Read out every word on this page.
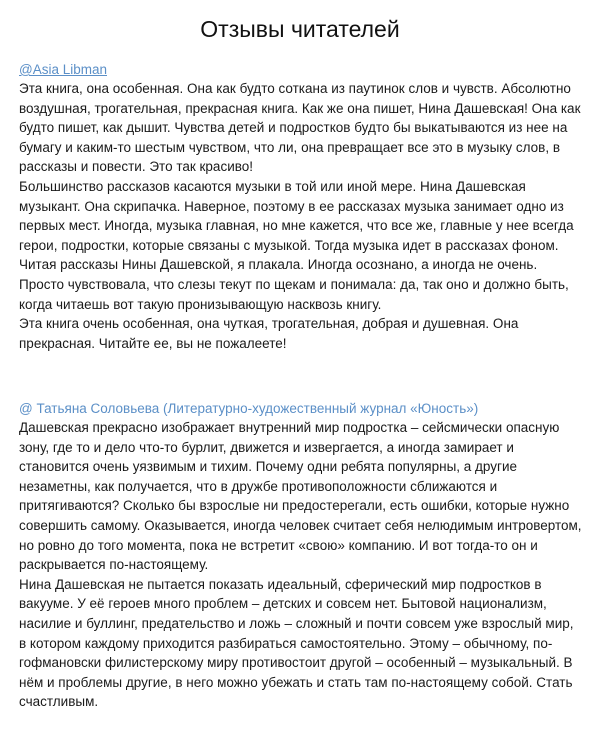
Отзывы читателей
@Asia Libman
Эта книга, она особенная. Она как будто соткана из паутинок слов и чувств. Абсолютно воздушная, трогательная, прекрасная книга. Как же она пишет, Нина Дашевская! Она как будто пишет, как дышит. Чувства детей и подростков будто бы выкатываются из нее на бумагу и каким-то шестым чувством, что ли, она превращает все это в музыку слов, в рассказы и повести. Это так красиво!
Большинство рассказов касаются музыки в той или иной мере. Нина Дашевская музыкант. Она скрипачка. Наверное, поэтому в ее рассказах музыка занимает одно из первых мест. Иногда, музыка главная, но мне кажется, что все же, главные у нее всегда герои, подростки, которые связаны с музыкой. Тогда музыка идет в рассказах фоном.
Читая рассказы Нины Дашевской, я плакала. Иногда осознано, а иногда не очень. Просто чувствовала, что слезы текут по щекам и понимала: да, так оно и должно быть, когда читаешь вот такую пронизывающую насквозь книгу.
Эта книга очень особенная, она чуткая, трогательная, добрая и душевная. Она прекрасная. Читайте ее, вы не пожалеете!
@ Татьяна Соловьева (Литературно-художественный журнал «Юность»)
Дашевская прекрасно изображает внутренний мир подростка – сейсмически опасную зону, где то и дело что-то бурлит, движется и извергается, а иногда замирает и становится очень уязвимым и тихим. Почему одни ребята популярны, а другие незаметны, как получается, что в дружбе противоположности сближаются и притягиваются? Сколько бы взрослые ни предостерегали, есть ошибки, которые нужно совершить самому. Оказывается, иногда человек считает себя нелюдимым интровертом, но ровно до того момента, пока не встретит «свою» компанию. И вот тогда-то он и раскрывается по-настоящему.
Нина Дашевская не пытается показать идеальный, сферический мир подростков в вакууме. У её героев много проблем – детских и совсем нет. Бытовой национализм, насилие и буллинг, предательство и ложь – сложный и почти совсем уже взрослый мир, в котором каждому приходится разбираться самостоятельно. Этому – обычному, по-гофмановски филистерскому миру противостоит другой – особенный – музыкальный. В нём и проблемы другие, в него можно убежать и стать там по-настоящему собой. Стать счастливым.
